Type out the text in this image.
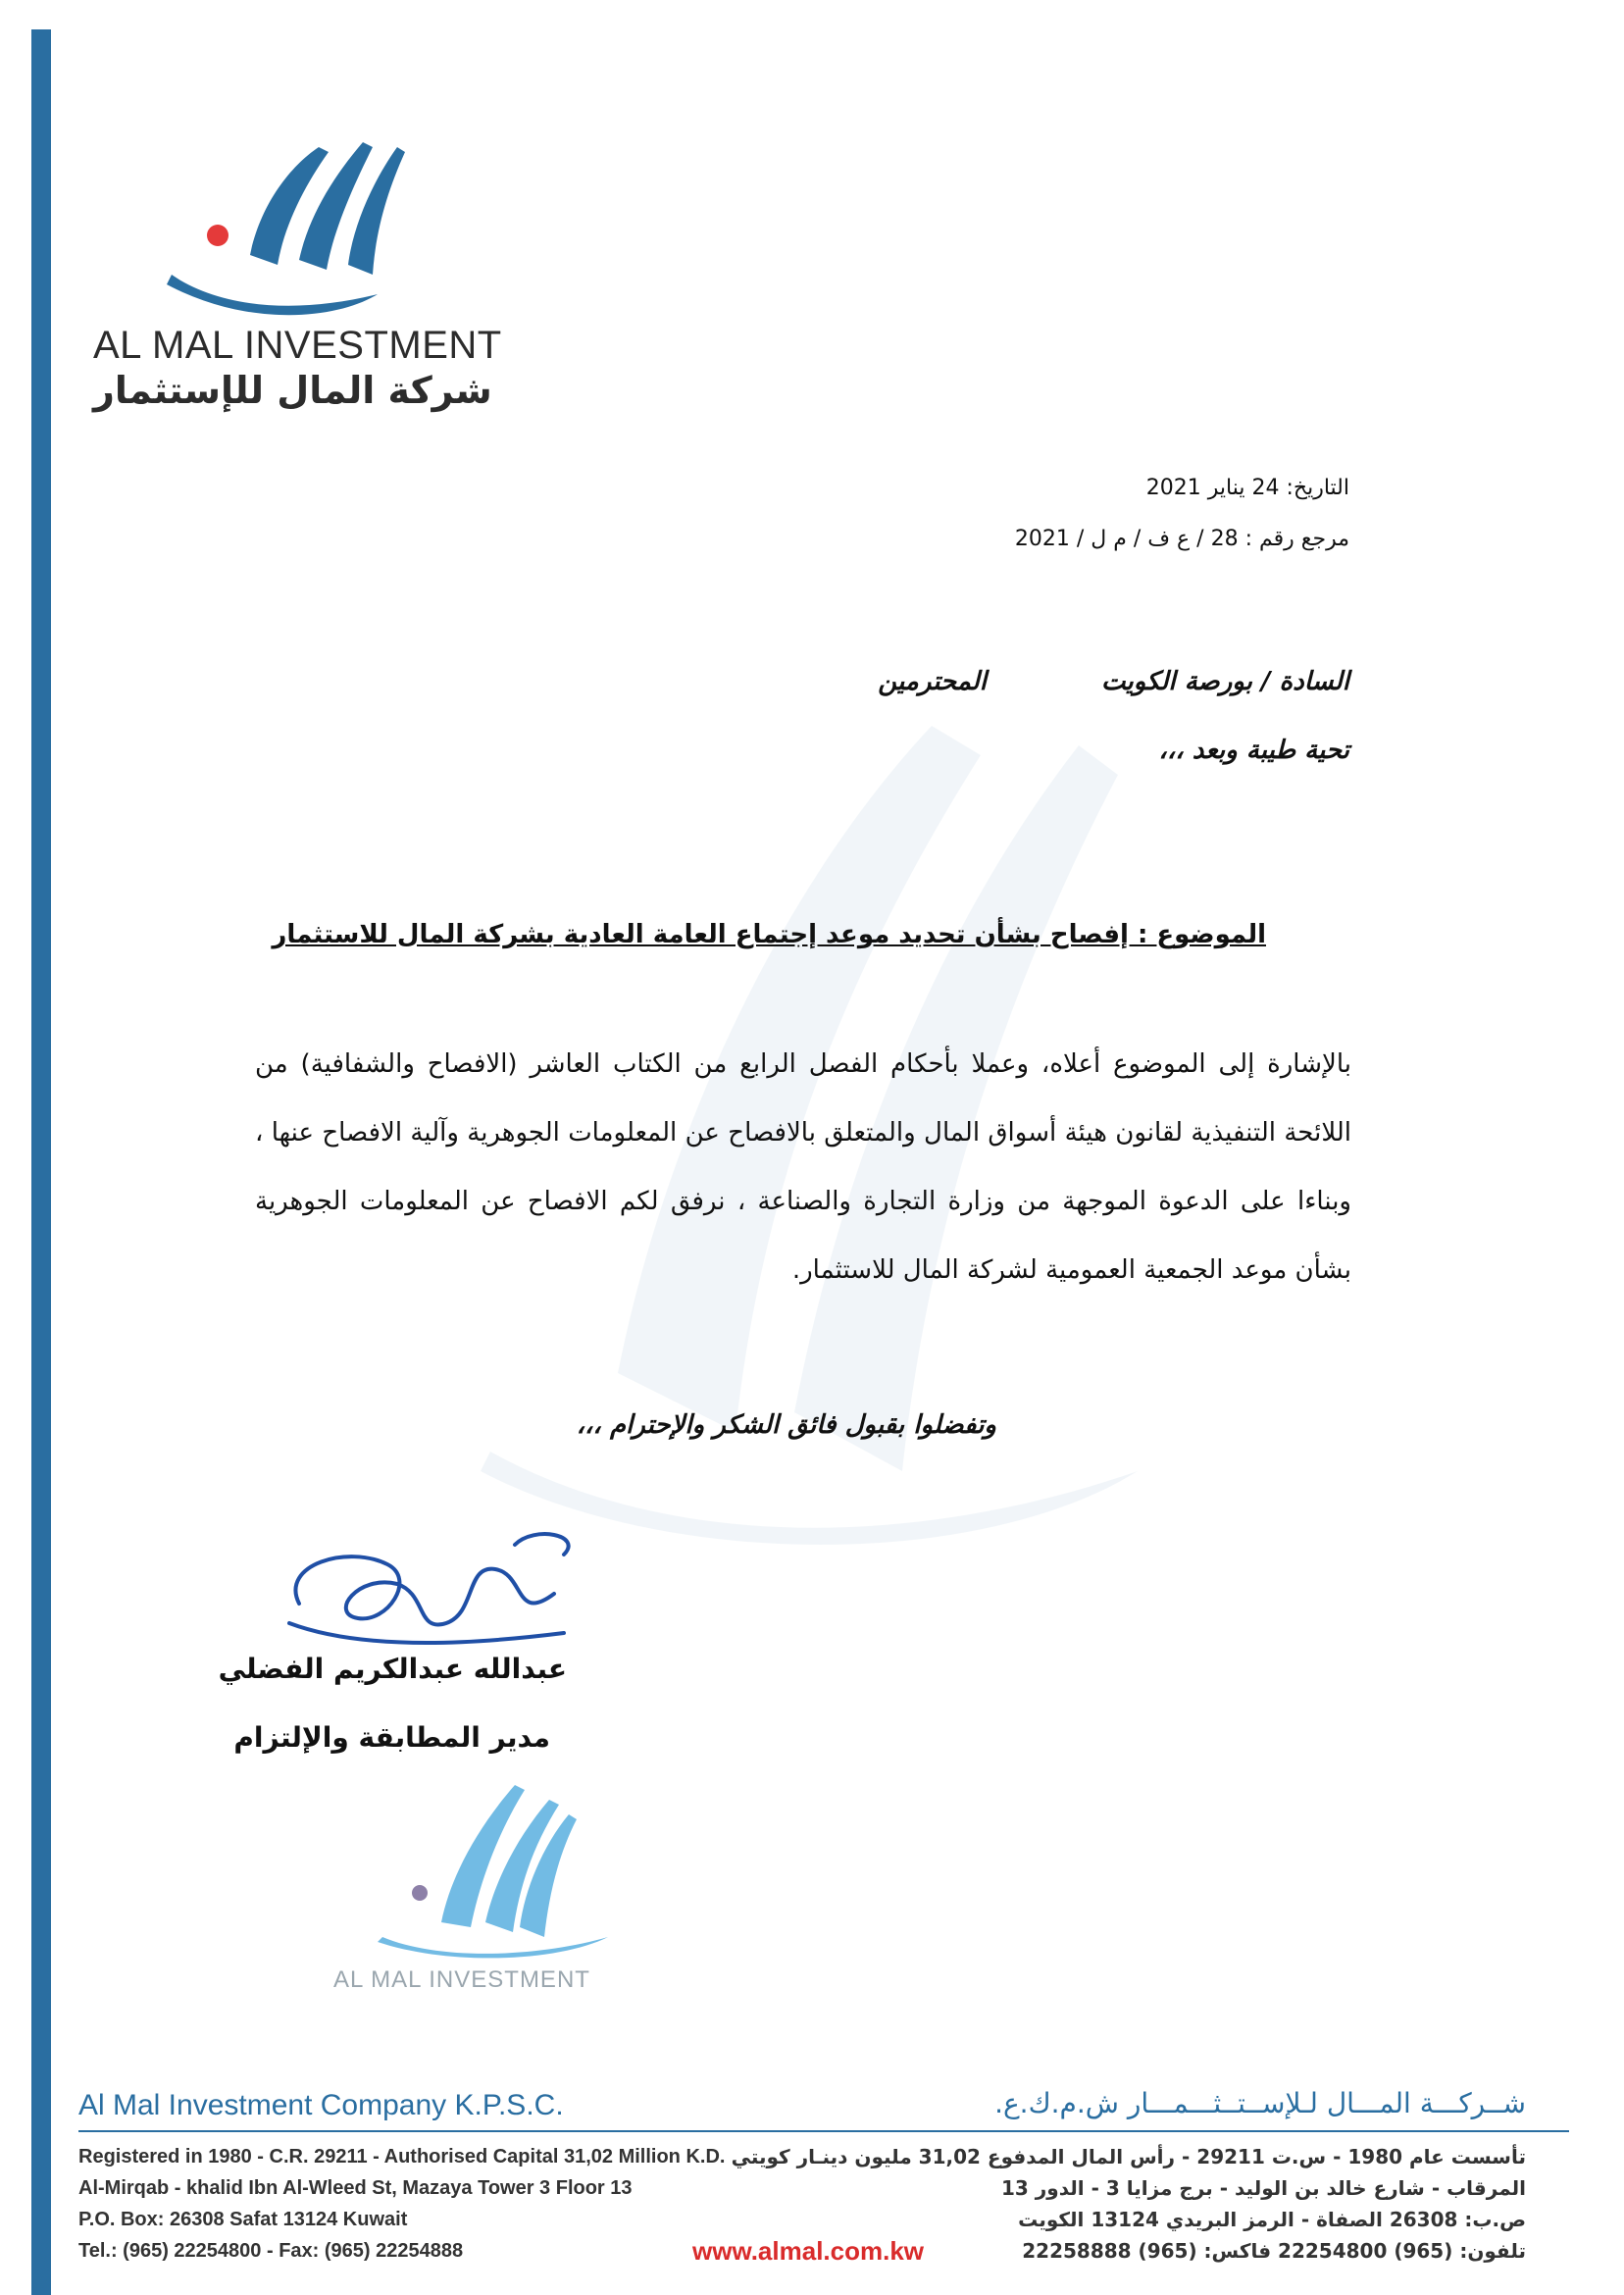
AL MAL INVESTMENT
شركة المال للإستثمار
التاريخ: 24 يناير 2021
مرجع رقم : 28 / ع ف / م ل / 2021
السادة / بورصة الكويت
المحترمين
تحية طيبة وبعد ،،،
الموضوع : إفصاح بشأن تحديد موعد إجتماع العامة العادية بشركة المال للاستثمار
بالإشارة إلى الموضوع أعلاه، وعملا بأحكام الفصل الرابع من الكتاب العاشر (الافصاح والشفافية) من اللائحة التنفيذية لقانون هيئة أسواق المال والمتعلق بالافصاح عن المعلومات الجوهرية وآلية الافصاح عنها ، وبناءا على الدعوة الموجهة من وزارة التجارة والصناعة ، نرفق لكم الافصاح عن المعلومات الجوهرية بشأن موعد الجمعية العمومية لشركة المال للاستثمار.
وتفضلوا بقبول فائق الشكر والإحترام ،،،
عبدالله عبدالكريم الفضلي
مدير المطابقة والإلتزام
AL MAL INVESTMENT
Al Mal Investment Company K.P.S.C.	شــركـــة المـــال لـلإســتــثـــمـــار ش.م.ك.ع.
Registered in 1980 - C.R. 29211 - Authorised Capital 31,02 Million K.D.
Al-Mirqab - khalid Ibn Al-Wleed St, Mazaya Tower 3 Floor 13
P.O. Box: 26308 Safat 13124 Kuwait
Tel.: (965) 22254800 - Fax: (965) 22254888
تأسست عام 1980 - س.ت 29211 - رأس المال المدفوع 31,02 مليون دينـار كويتي
المرقاب - شارع خالد بن الوليد - برج مزايا 3 - الدور 13
ص.ب: 26308 الصفاة - الرمز البريدي 13124 الكويت
تلفون: (965) 22254800 فاكس: (965) 22258888
www.almal.com.kw
